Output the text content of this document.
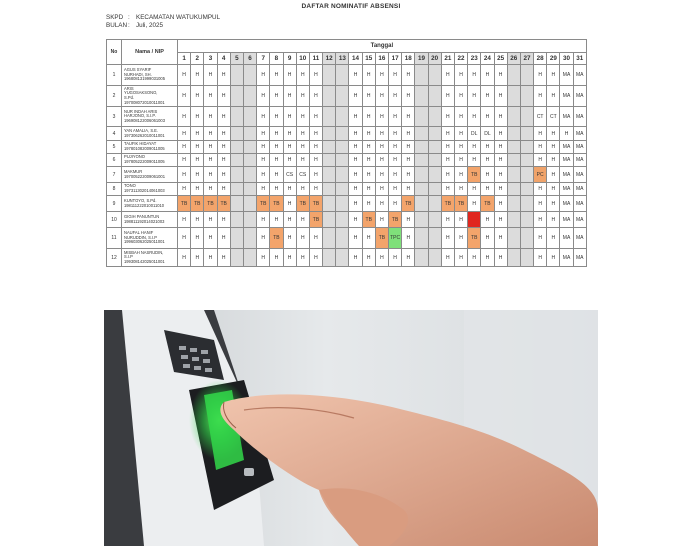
DAFTAR NOMINATIF ABSENSI
SKPD : KECAMATAN WATUKUMPUL
BULAN: Juli, 2025
No	Nama / NIP	Tanggal																														
		1	2	3	4	5	6	7	8	9	10	11	12	13	14	15	16	17	18	19	20	21	22	23	24	25	26	27	28	29	30	31
1	AGUS SYARIF
NURHADI, SH.
196808131999031005	H	H	H	H			H	H	H	H	H			H	H	H	H	H			H	H	H	H	H			H	H	MA	MA
2	ARIS
YUGOSAKSONO,
S.Pd.
197008072010011001	H	H	H	H			H	H	H	H	H			H	H	H	H	H			H	H	H	H	H			H	H	MA	MA
3	NUR INDAH ARIS
HARJONO, S.I.P.
196908122006061003	H	H	H	H			H	H	H	H	H			H	H	H	H	H			H	H	H	H	H			CT	CT	MA	MA
4	YAN AMALIA, S.E.
197306262010011001	H	H	H	H			H	H	H	H	H			H	H	H	H	H			H	H	DL	DL	H			H	H	H	MA
5	TAUFIK HIDAYAT
197801082009011005	H	H	H	H			H	H	H	H	H			H	H	H	H	H			H	H	H	H	H			H	H	MA	MA
6	PUJIYONO
197805222009011005	H	H	H	H			H	H	H	H	H			H	H	H	H	H			H	H	H	H	H			H	H	MA	MA
7	MAKMUR
197005222009061001	H	H	H	H			H	H	CS	CS	H			H	H	H	H	H			H	H	TB	H	H			PC	H	MA	MA
8	TONO
197311302014061003	H	H	H	H			H	H	H	H	H			H	H	H	H	H			H	H	H	H	H			H	H	MA	MA
9	KUNTOYO, S.Pd.
198111222010011010	TB	TB	TB	TB			TB	TB	H	TB	TB			H	H	H	H	TB			TB	TB	H	TB	H			H	H	MA	MA
10	GIGIH PANUNTUN
198811192014021003	H	H	H	H			H	H	H	H	TB			H	TB	H	TB	H			H	H		H	H			H	H	MA	MA
11	NAUFAL HANIF
NURUDDIN, S.I.P
199603062025011001	H	H	H	H			H	TB	H	H	H			H	H	TB	TPC	H			H	H	TB	H	H			H	H	MA	MA
12	MISBAH NASRUDIN,
S.I.P
199308142025011001	H	H	H	H			H	H	H	H	H			H	H	H	H	H			H	H	H	H	H			H	H	MA	MA
